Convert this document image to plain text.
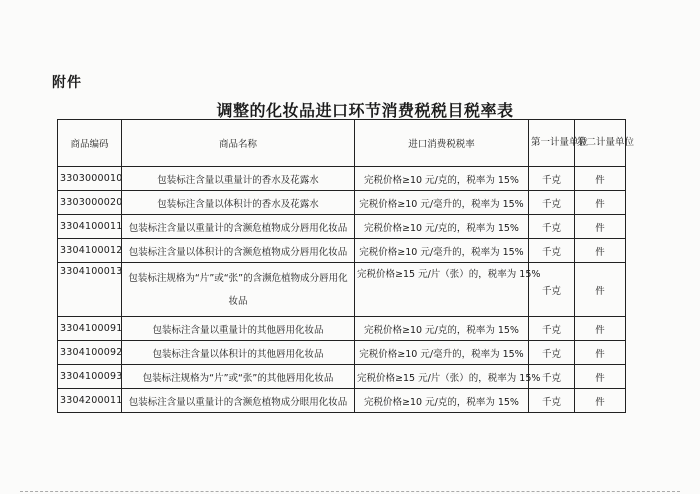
附件
调整的化妆品进口环节消费税税目税率表
商品编码	商品名称	进口消费税税率	第一计量单位	第二计量单位
3303000010	包装标注含量以重量计的香水及花露水	完税价格≥10 元/克的，税率为 15%	千克	件
3303000020	包装标注含量以体积计的香水及花露水	完税价格≥10 元/毫升的，税率为 15%	千克	件
3304100011	包装标注含量以重量计的含濒危植物成分唇用化妆品	完税价格≥10 元/克的，税率为 15%	千克	件
3304100012	包装标注含量以体积计的含濒危植物成分唇用化妆品	完税价格≥10 元/毫升的，税率为 15%	千克	件
3304100013	包装标注规格为“片”或“张”的含濒危植物成分唇用化妆品	完税价格≥15 元/片（张）的，税率为 15%	千克	件
3304100091	包装标注含量以重量计的其他唇用化妆品	完税价格≥10 元/克的，税率为 15%	千克	件
3304100092	包装标注含量以体积计的其他唇用化妆品	完税价格≥10 元/毫升的，税率为 15%	千克	件
3304100093	包装标注规格为“片”或“张”的其他唇用化妆品	完税价格≥15 元/片（张）的，税率为 15%	千克	件
3304200011	包装标注含量以重量计的含濒危植物成分眼用化妆品	完税价格≥10 元/克的，税率为 15%	千克	件
